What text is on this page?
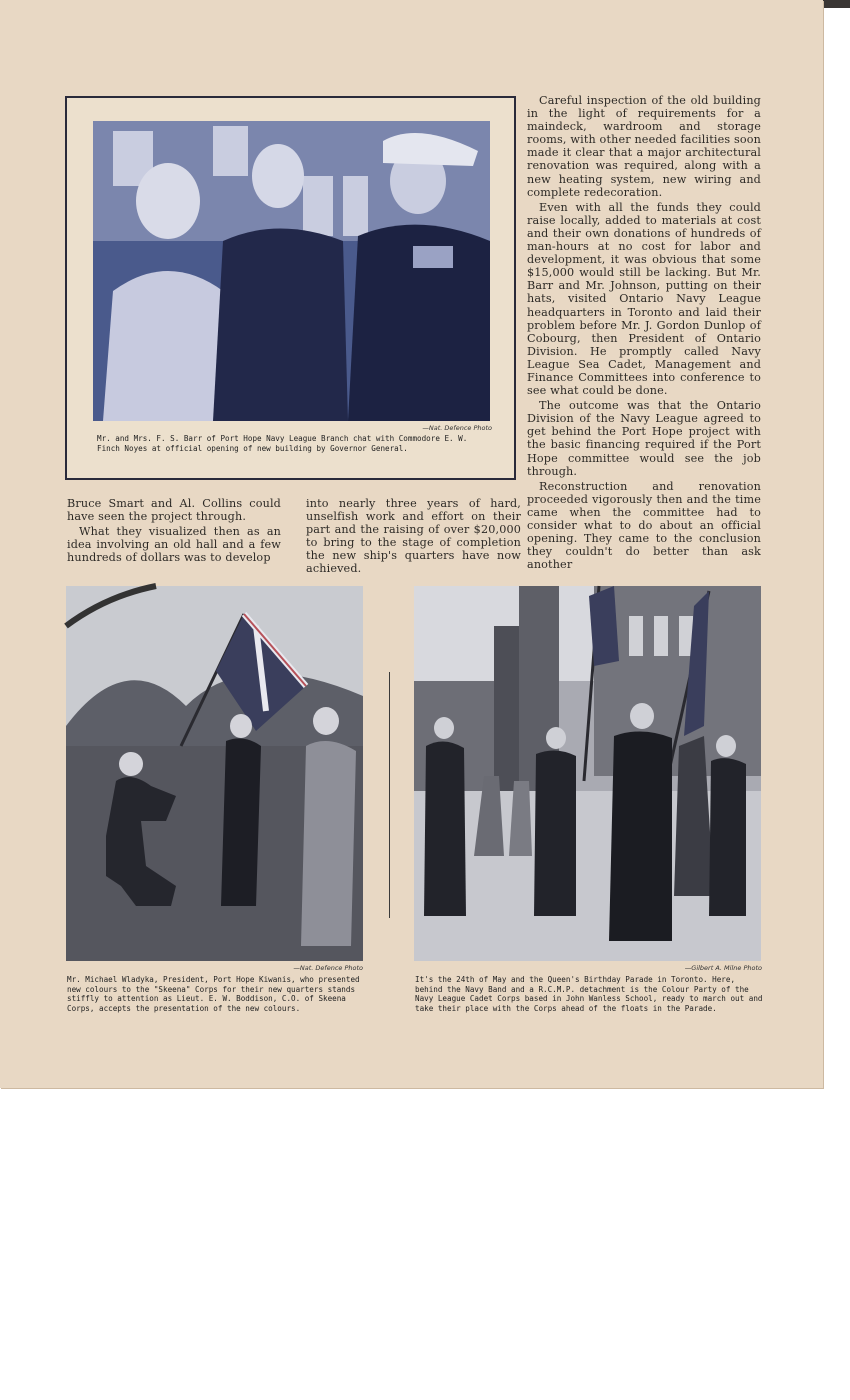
—Nat. Defence Photo
Mr. and Mrs. F. S. Barr of Port Hope Navy League Branch chat with Commodore E. W. Finch Noyes at official opening of new building by Governor General.

Careful inspection of the old building in the light of requirements for a maindeck, wardroom and storage rooms, with other needed facilities soon made it clear that a major architectural renovation was required, along with a new heating system, new wiring and complete redecoration.

Even with all the funds they could raise locally, added to materials at cost and their own donations of hundreds of man-hours at no cost for labor and development, it was obvious that some $15,000 would still be lacking. But Mr. Barr and Mr. Johnson, putting on their hats, visited Ontario Navy League headquarters in Toronto and laid their problem before Mr. J. Gordon Dunlop of Cobourg, then President of Ontario Division. He promptly called Navy League Sea Cadet, Management and Finance Committees into conference to see what could be done.

The outcome was that the Ontario Division of the Navy League agreed to get behind the Port Hope project with the basic financing required if the Port Hope committee would see the job through.

Reconstruction and renovation proceeded vigorously then and the time came when the committee had to consider what to do about an official opening. They came to the conclusion they couldn't do better than ask another

Bruce Smart and Al. Collins could have seen the project through.

What they visualized then as an idea involving an old hall and a few hundreds of dollars was to develop

into nearly three years of hard, unselfish work and effort on their part and the raising of over $20,000 to bring to the stage of completion the new ship's quarters have now achieved.

—Nat. Defence Photo
Mr. Michael Wladyka, President, Port Hope Kiwanis, who presented new colours to the "Skeena" Corps for their new quarters stands stiffly to attention as Lieut. E. W. Boddison, C.O. of Skeena Corps, accepts the presentation of the new colours.
—Gilbert A. Milne Photo
It's the 24th of May and the Queen's Birthday Parade in Toronto. Here, behind the Navy Band and a R.C.M.P. detachment is the Colour Party of the Navy League Cadet Corps based in John Wanless School, ready to march out and take their place with the Corps ahead of the floats in the Parade.
